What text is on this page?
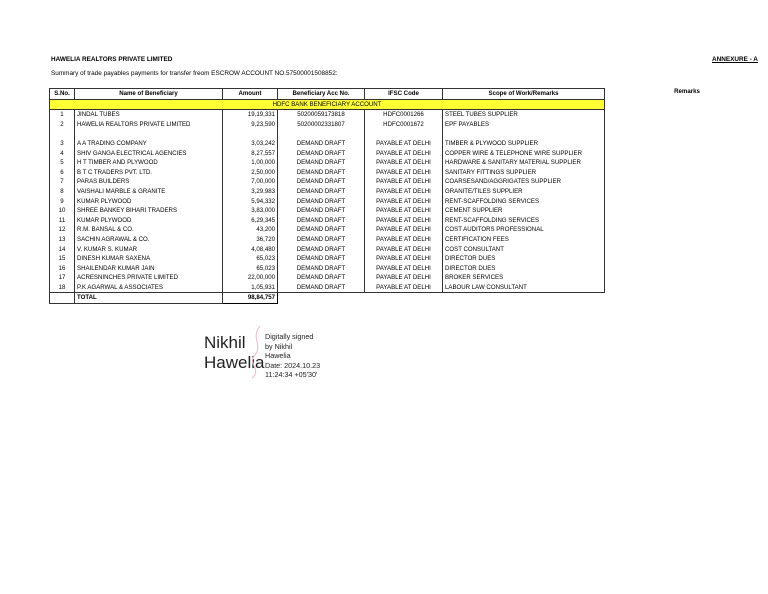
HAWELIA REALTORS PRIVATE LIMITED	ANNEXURE - A
Summary of trade payables payments for transfer freom ESCROW ACCOUNT NO.57500001508852:
Remarks
S.No.	Name of Beneficiary	Amount	Beneficiary Acc No.	IFSC Code	Scope of Work/Remarks
HDFC BANK BENEFICIARY ACCOUNT					
1	JINDAL TUBES	19,19,331	50200059173818	HDFC0001266	STEEL TUBES SUPPLIER
2	HAWELIA REALTORS PRIVATE LIMITED	9,23,590	50200002331807	HDFC0001672	EPF PAYABLES

3	A A TRADING COMPANY	3,03,242	DEMAND DRAFT	PAYABLE AT DELHI	TIMBER & PLYWOOD SUPPLIER
4	SHIV GANGA ELECTRICAL AGENCIES	8,27,557	DEMAND DRAFT	PAYABLE AT DELHI	COPPER WIRE & TELEPHONE WIRE SUPPLIER
5	H T TIMBER AND PLYWOOD	1,00,000	DEMAND DRAFT	PAYABLE AT DELHI	HARDWARE & SANITARY MATERIAL SUPPLIER
6	B T C TRADERS PVT. LTD.	2,50,000	DEMAND DRAFT	PAYABLE AT DELHI	SANITARY FITTINGS SUPPLIER
7	PARAS BUILDERS	7,00,000	DEMAND DRAFT	PAYABLE AT DELHI	COARSESAND/AGGRIGATES SUPPLIER
8	VAISHALI MARBLE & GRANITE	3,29,983	DEMAND DRAFT	PAYABLE AT DELHI	GRANITE/TILES SUPPLIER
9	KUMAR PLYWOOD	5,94,332	DEMAND DRAFT	PAYABLE AT DELHI	RENT-SCAFFOLDING SERVICES
10	SHREE BANKEY BIHARI TRADERS	3,83,000	DEMAND DRAFT	PAYABLE AT DELHI	CEMENT SUPPLIER
11	KUMAR PLYWOOD	6,29,345	DEMAND DRAFT	PAYABLE AT DELHI	RENT-SCAFFOLDING SERVICES
12	R.M. BANSAL & CO.	43,200	DEMAND DRAFT	PAYABLE AT DELHI	COST AUDITORS PROFESSIONAL
13	SACHIN AGRAWAL & CO.	36,720	DEMAND DRAFT	PAYABLE AT DELHI	CERTIFICATION FEES
14	V. KUMAR S. KUMAR	4,08,480	DEMAND DRAFT	PAYABLE AT DELHI	COST CONSULTANT
15	DINESH KUMAR SAXENA	65,023	DEMAND DRAFT	PAYABLE AT DELHI	DIRECTOR DUES
16	SHAILENDAR KUMAR JAIN	65,023	DEMAND DRAFT	PAYABLE AT DELHI	DIRECTOR DUES
17	ACRESNINCHES PRIVATE LIMITED	22,00,000	DEMAND DRAFT	PAYABLE AT DELHI	BROKER SERVICES
18	P.K AGARWAL & ASSOCIATES	1,05,931	DEMAND DRAFT	PAYABLE AT DELHI	LABOUR LAW CONSULTANT
	TOTAL	98,84,757			
Nikhil
Hawelia
Digitally signed
by Nikhil
Hawelia
Date: 2024.10.23
11:24:34 +05'30'
